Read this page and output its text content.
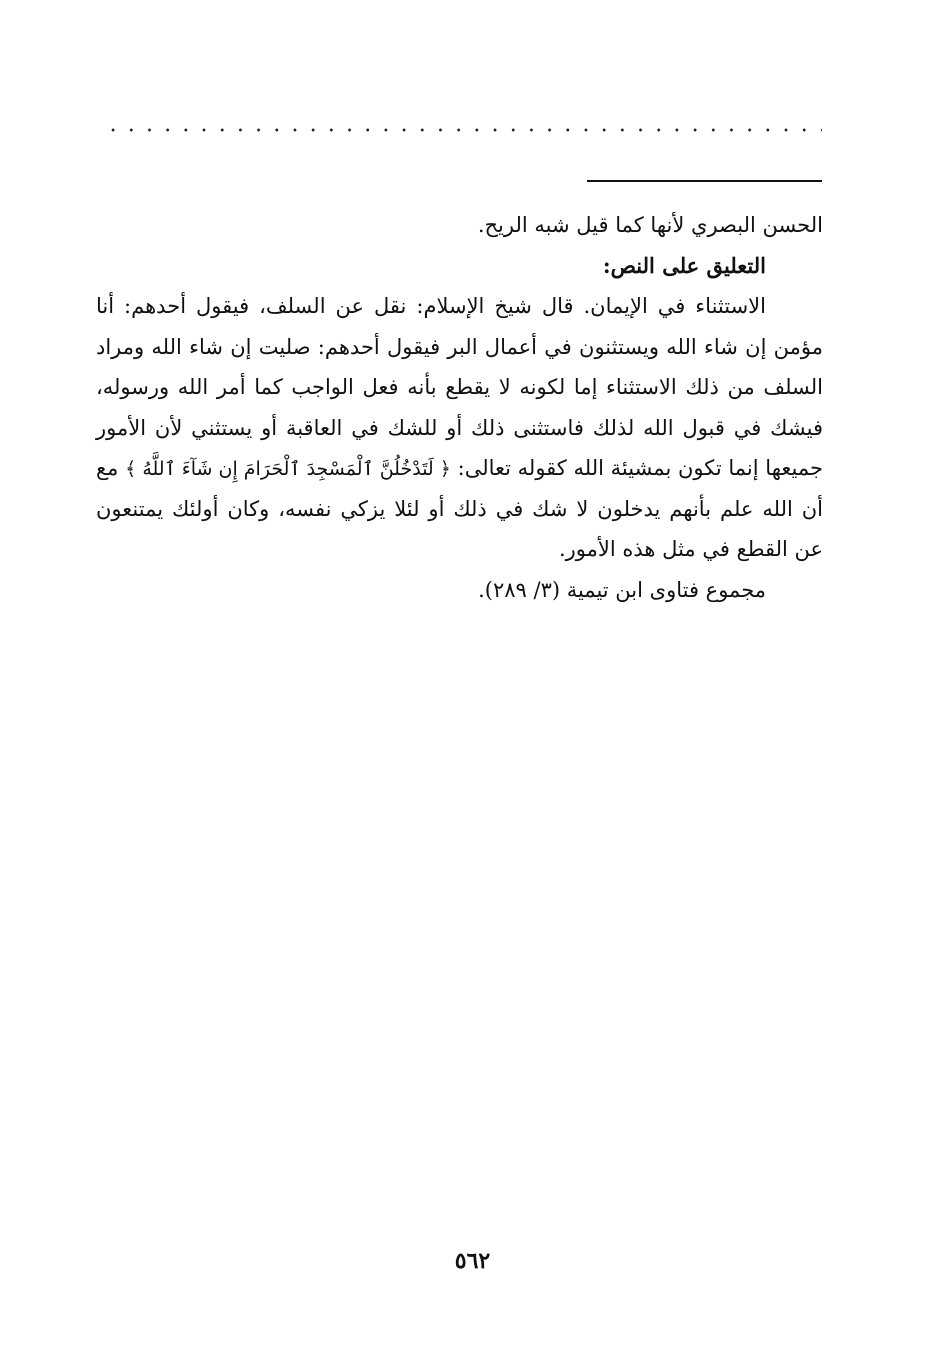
الحسن البصري لأنها كما قيل شبه الريح.
التعليق على النص:
الاستثناء في الإيمان. قال شيخ الإسلام: نقل عن السلف، فيقول أحدهم: أنا
مؤمن إن شاء الله ويستثنون في أعمال البر فيقول أحدهم: صليت إن شاء الله ومراد
السلف من ذلك الاستثناء إما لكونه لا يقطع بأنه فعل الواجب كما أمر الله ورسوله،
فيشك في قبول الله لذلك فاستثنى ذلك أو للشك في العاقبة أو يستثني لأن الأمور
جميعها إنما تكون بمشيئة الله كقوله تعالى: ﴿ لَتَدْخُلُنَّ ٱلْمَسْجِدَ ٱلْحَرَامَ إِن شَآءَ ٱللَّهُ ﴾ مع
أن الله علم بأنهم يدخلون لا شك في ذلك أو لئلا يزكي نفسه، وكان أولئك يمتنعون
عن القطع في مثل هذه الأمور.
مجموع فتاوى ابن تيمية (٣/ ٢٨٩).
٥٦٢
